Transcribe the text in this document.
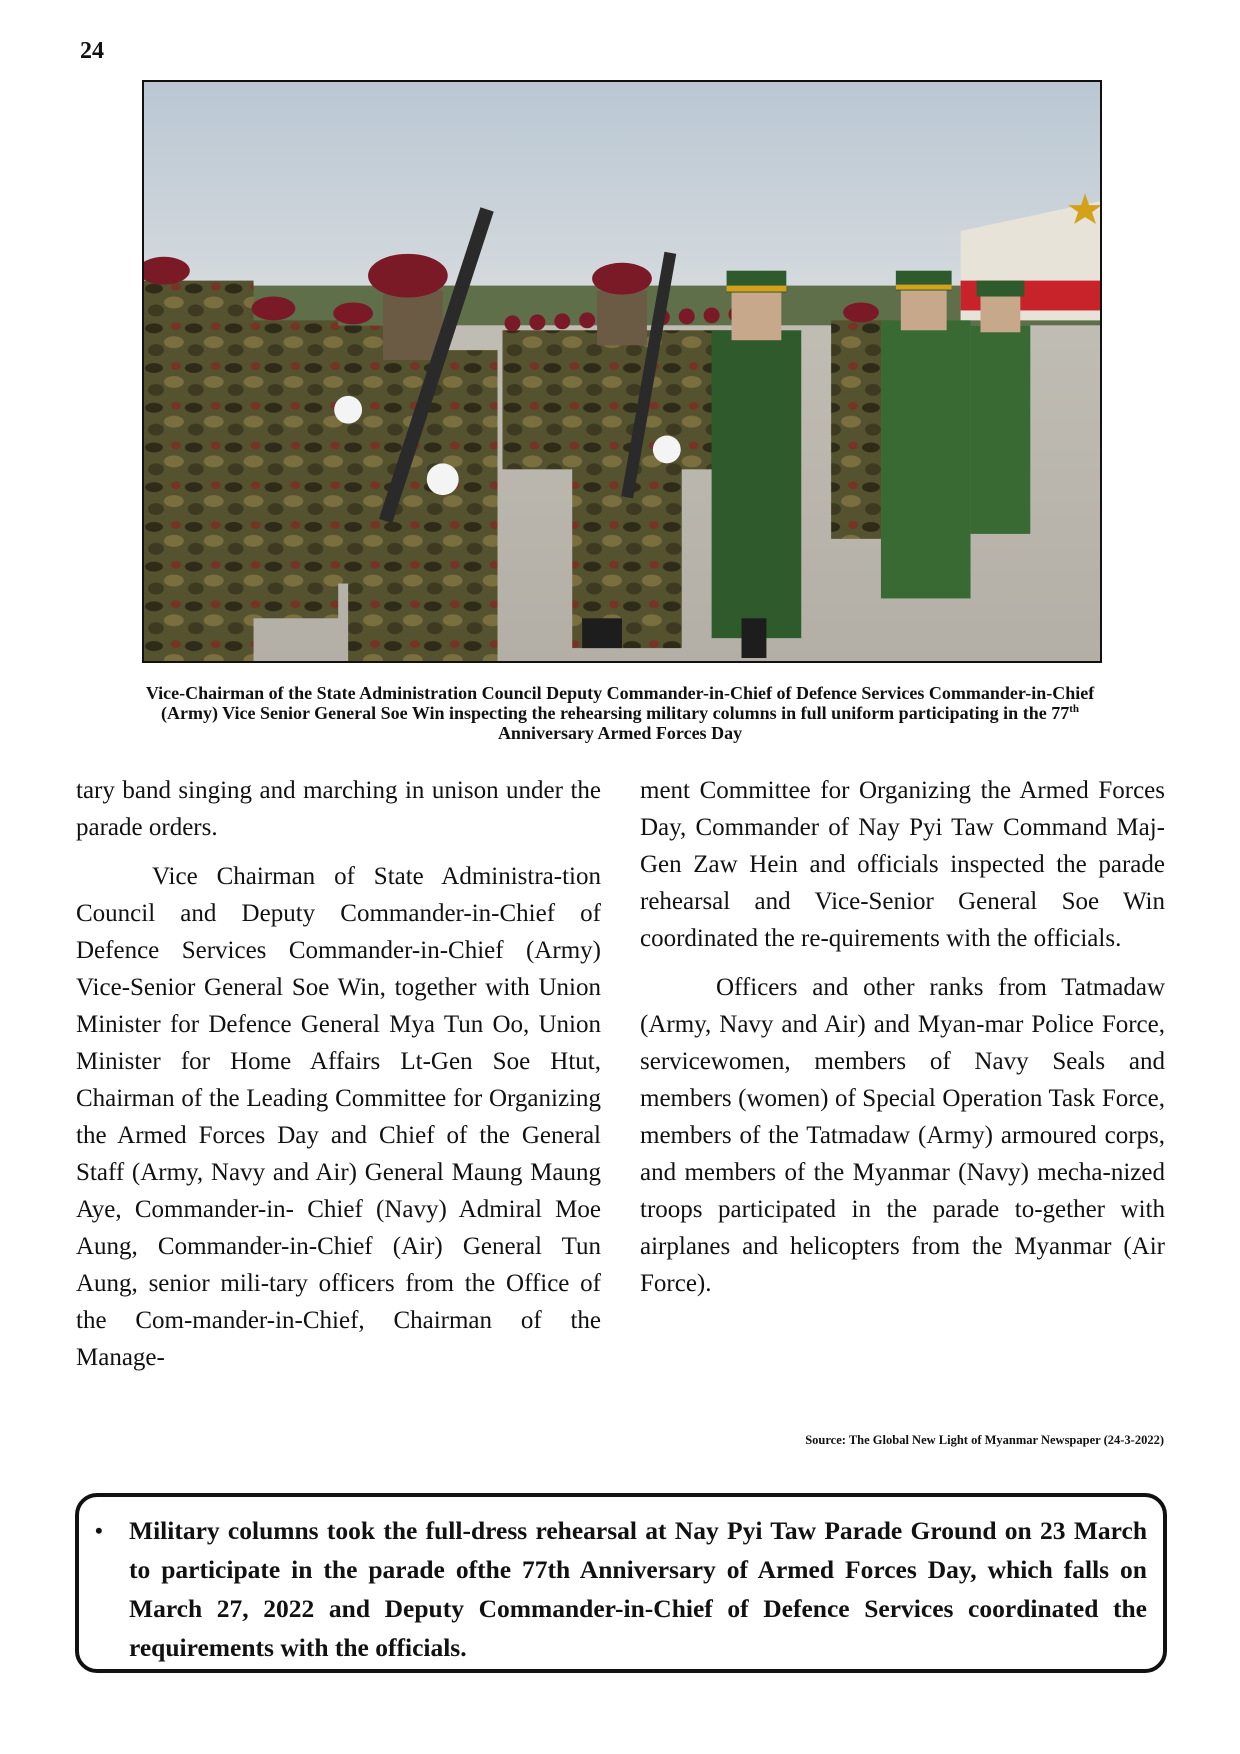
24
Vice-Chairman of the State Administration Council Deputy Commander-in-Chief of Defence Services Commander-in-Chief (Army) Vice Senior General Soe Win inspecting the rehearsing military columns in full uniform participating in the 77th Anniversary Armed Forces Day

tary band singing and marching in unison under the parade orders.

Vice Chairman of State Administra-tion Council and Deputy Commander-in-Chief of Defence Services Commander-in-Chief (Army) Vice-Senior General Soe Win, together with Union Minister for Defence General Mya Tun Oo, Union Minister for Home Affairs Lt-Gen Soe Htut, Chairman of the Leading Committee for Organizing the Armed Forces Day and Chief of the General Staff (Army, Navy and Air) General Maung Maung Aye, Commander-in- Chief (Navy) Admiral Moe Aung, Commander-in-Chief (Air) General Tun Aung, senior mili-tary officers from the Office of the Com-mander-in-Chief, Chairman of the Manage-

ment Committee for Organizing the Armed Forces Day, Commander of Nay Pyi Taw Command Maj-Gen Zaw Hein and officials inspected the parade rehearsal and Vice-Senior General Soe Win coordinated the re-quirements with the officials.

Officers and other ranks from Tatmadaw (Army, Navy and Air) and Myan-mar Police Force, servicewomen, members of Navy Seals and members (women) of Special Operation Task Force, members of the Tatmadaw (Army) armoured corps, and members of the Myanmar (Navy) mecha-nized troops participated in the parade to-gether with airplanes and helicopters from the Myanmar (Air Force).

Source: The Global New Light of Myanmar Newspaper (24-3-2022)
• Military columns took the full-dress rehearsal at Nay Pyi Taw Parade Ground on 23 March to participate in the parade ofthe 77th Anniversary of Armed Forces Day, which falls on March 27, 2022 and Deputy Commander-in-Chief of Defence Services coordinated the requirements with the officials.
